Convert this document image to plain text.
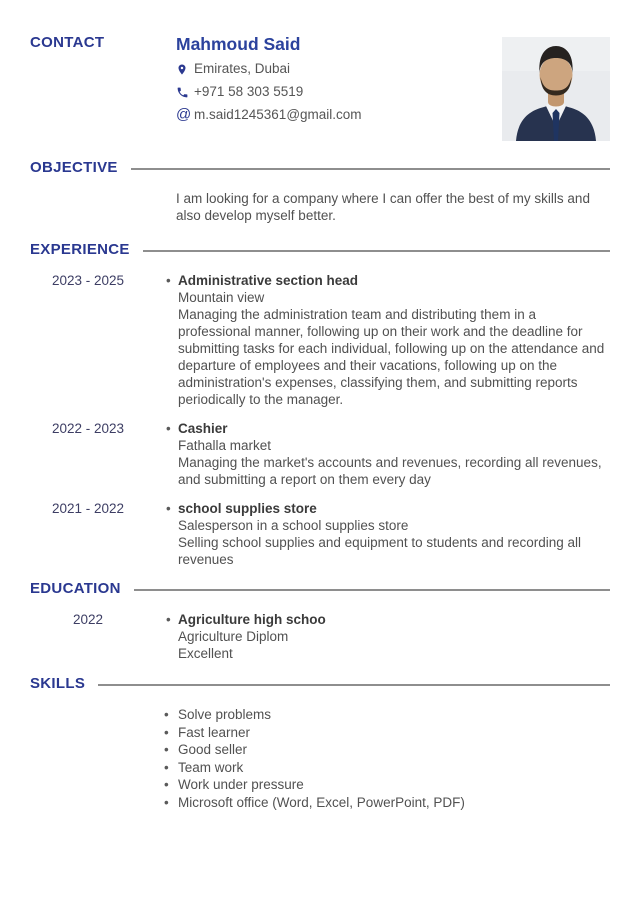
CONTACT	Mahmoud Said
Emirates, Dubai
+971 58 303 5519
@ m.said1245361@gmail.com
OBJECTIVE

I am looking for a company where I can offer the best of my skills and also develop myself better.

EXPERIENCE
2023 - 2025	• Administrative section head
Mountain view
Managing the administration team and distributing them in a professional manner, following up on their work and the deadline for submitting tasks for each individual, following up on the attendance and departure of employees and their vacations, following up on the administration's expenses, classifying them, and submitting reports periodically to the manager.
2022 - 2023	• Cashier
Fathalla market
Managing the market's accounts and revenues, recording all revenues, and submitting a report on them every day
2021 - 2022	• school supplies store
Salesperson in a school supplies store
Selling school supplies and equipment to students and recording all revenues
EDUCATION
2022	• Agriculture high schoo
Agriculture Diplom
Excellent
SKILLS
• Solve problems
• Fast learner
• Good seller
• Team work
• Work under pressure
• Microsoft office (Word, Excel, PowerPoint, PDF)
